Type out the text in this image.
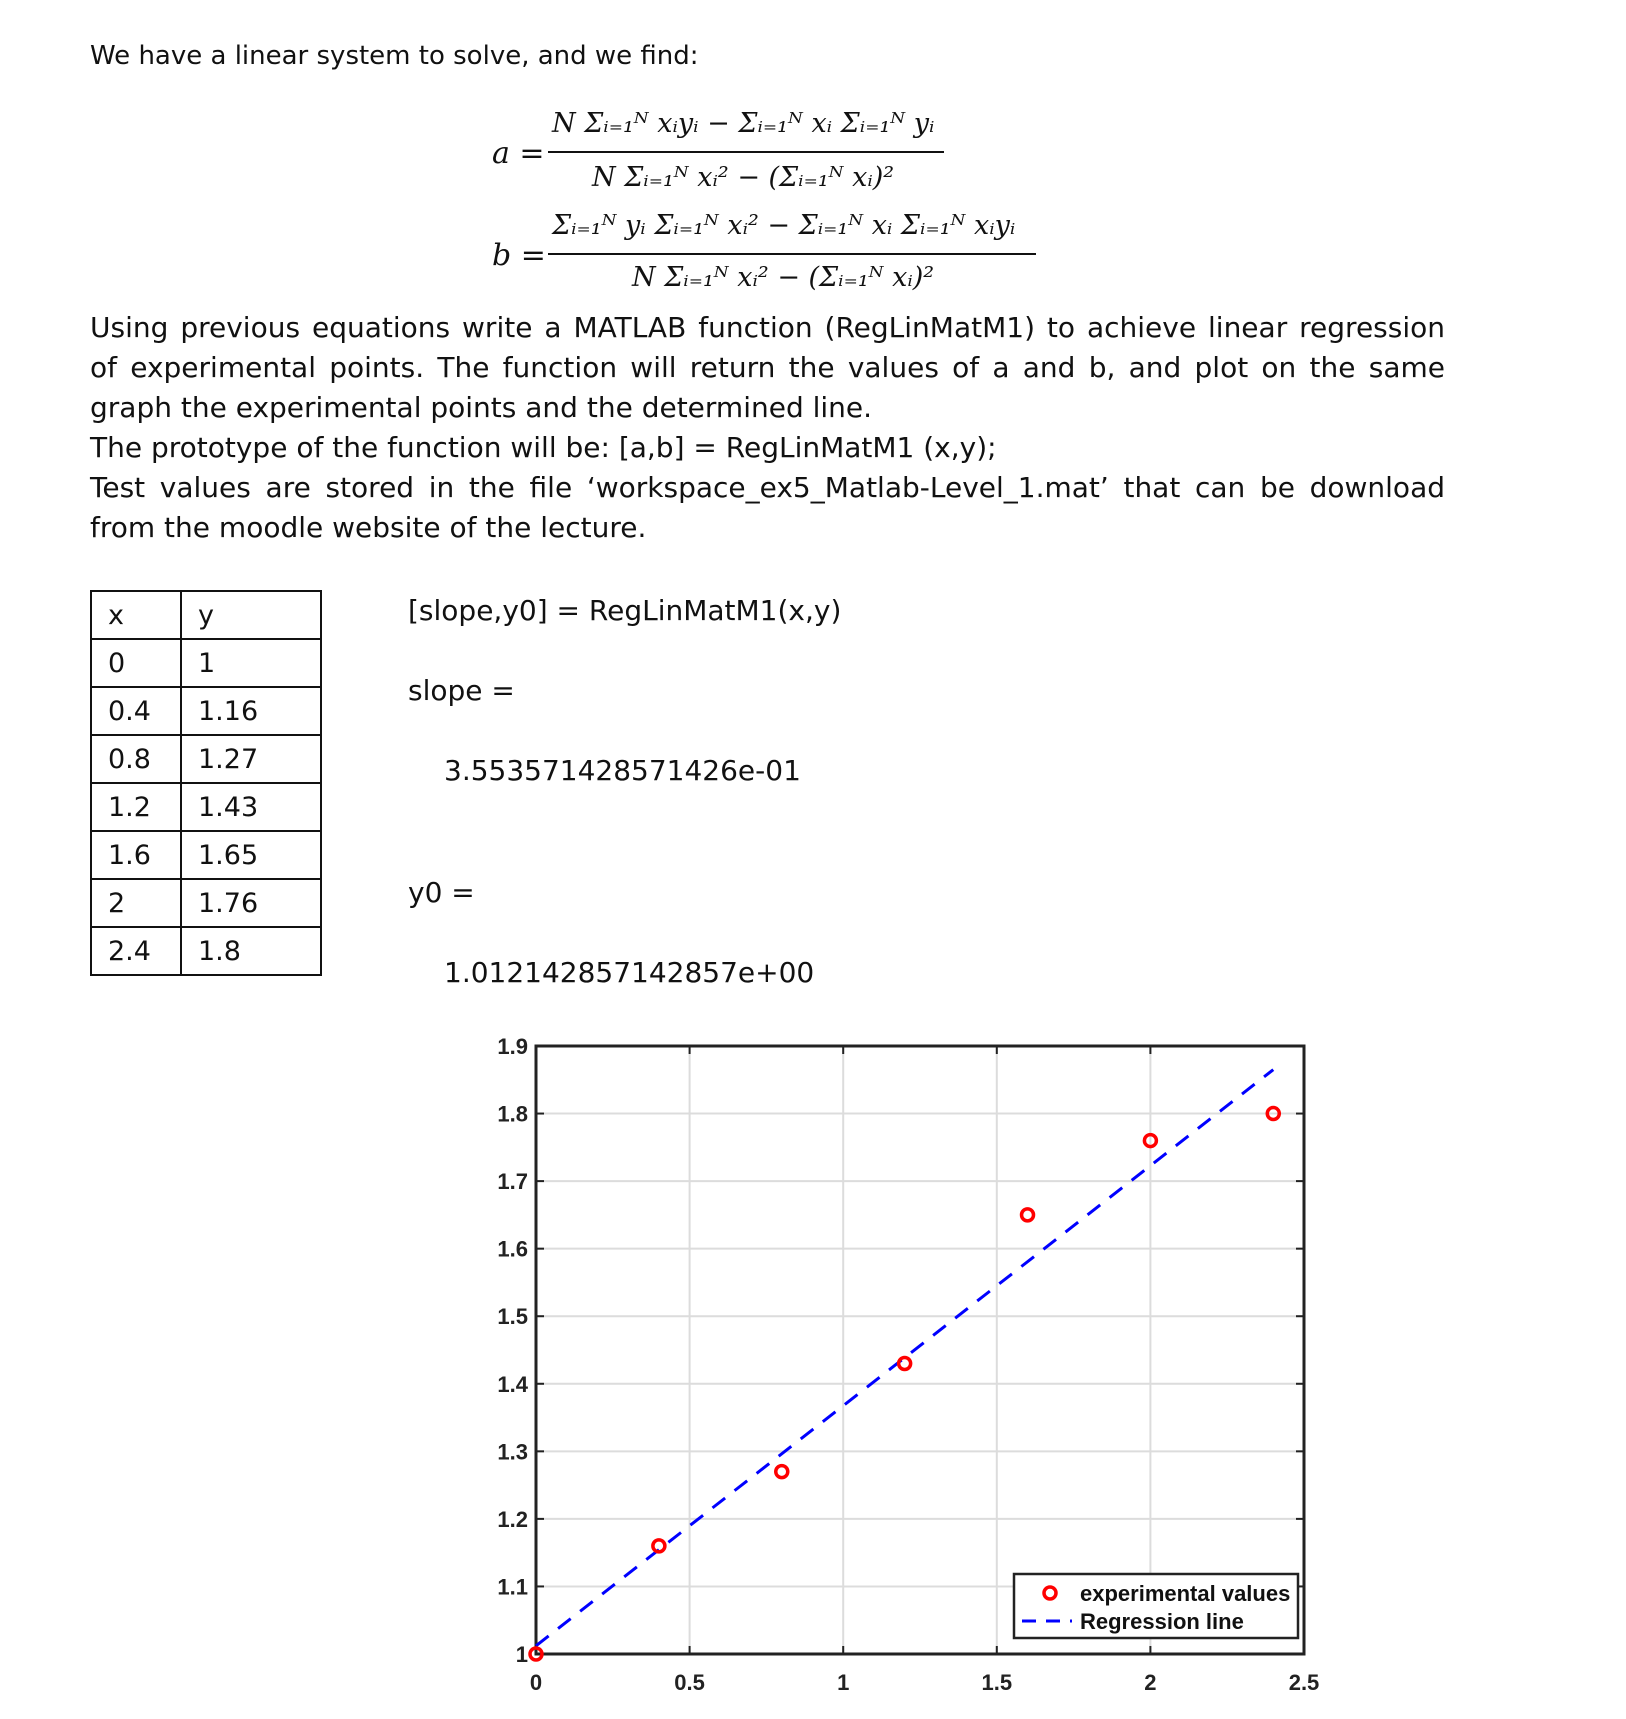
We have a linear system to solve, and we find:
a =
N Σᵢ₌₁ᴺ xᵢyᵢ − Σᵢ₌₁ᴺ xᵢ Σᵢ₌₁ᴺ yᵢ
N Σᵢ₌₁ᴺ xᵢ² − (Σᵢ₌₁ᴺ xᵢ)²
b =
Σᵢ₌₁ᴺ yᵢ Σᵢ₌₁ᴺ xᵢ² − Σᵢ₌₁ᴺ xᵢ Σᵢ₌₁ᴺ xᵢyᵢ
N Σᵢ₌₁ᴺ xᵢ² − (Σᵢ₌₁ᴺ xᵢ)²

Using previous equations write a MATLAB function (RegLinMatM1) to achieve linear regression of experimental points. The function will return the values of a and b, and plot on the same graph the experimental points and the determined line.

The prototype of the function will be: [a,b] = RegLinMatM1 (x,y);

Test values are stored in the file ‘workspace_ex5_Matlab-Level_1.mat’ that can be download from the moodle website of the lecture.

x	y
0	1
0.4	1.16
0.8	1.27
1.2	1.43
1.6	1.65
2	1.76
2.4	1.8
[slope,y0] = RegLinMatM1(x,y)
slope =
3.553571428571426e-01
y0 =
1.012142857142857e+00
0	0.5	1	1.5	2	2.5
1
1.1
1.2
1.3
1.4
1.5
1.6
1.7
1.8
1.9
experimental values
Regression line
